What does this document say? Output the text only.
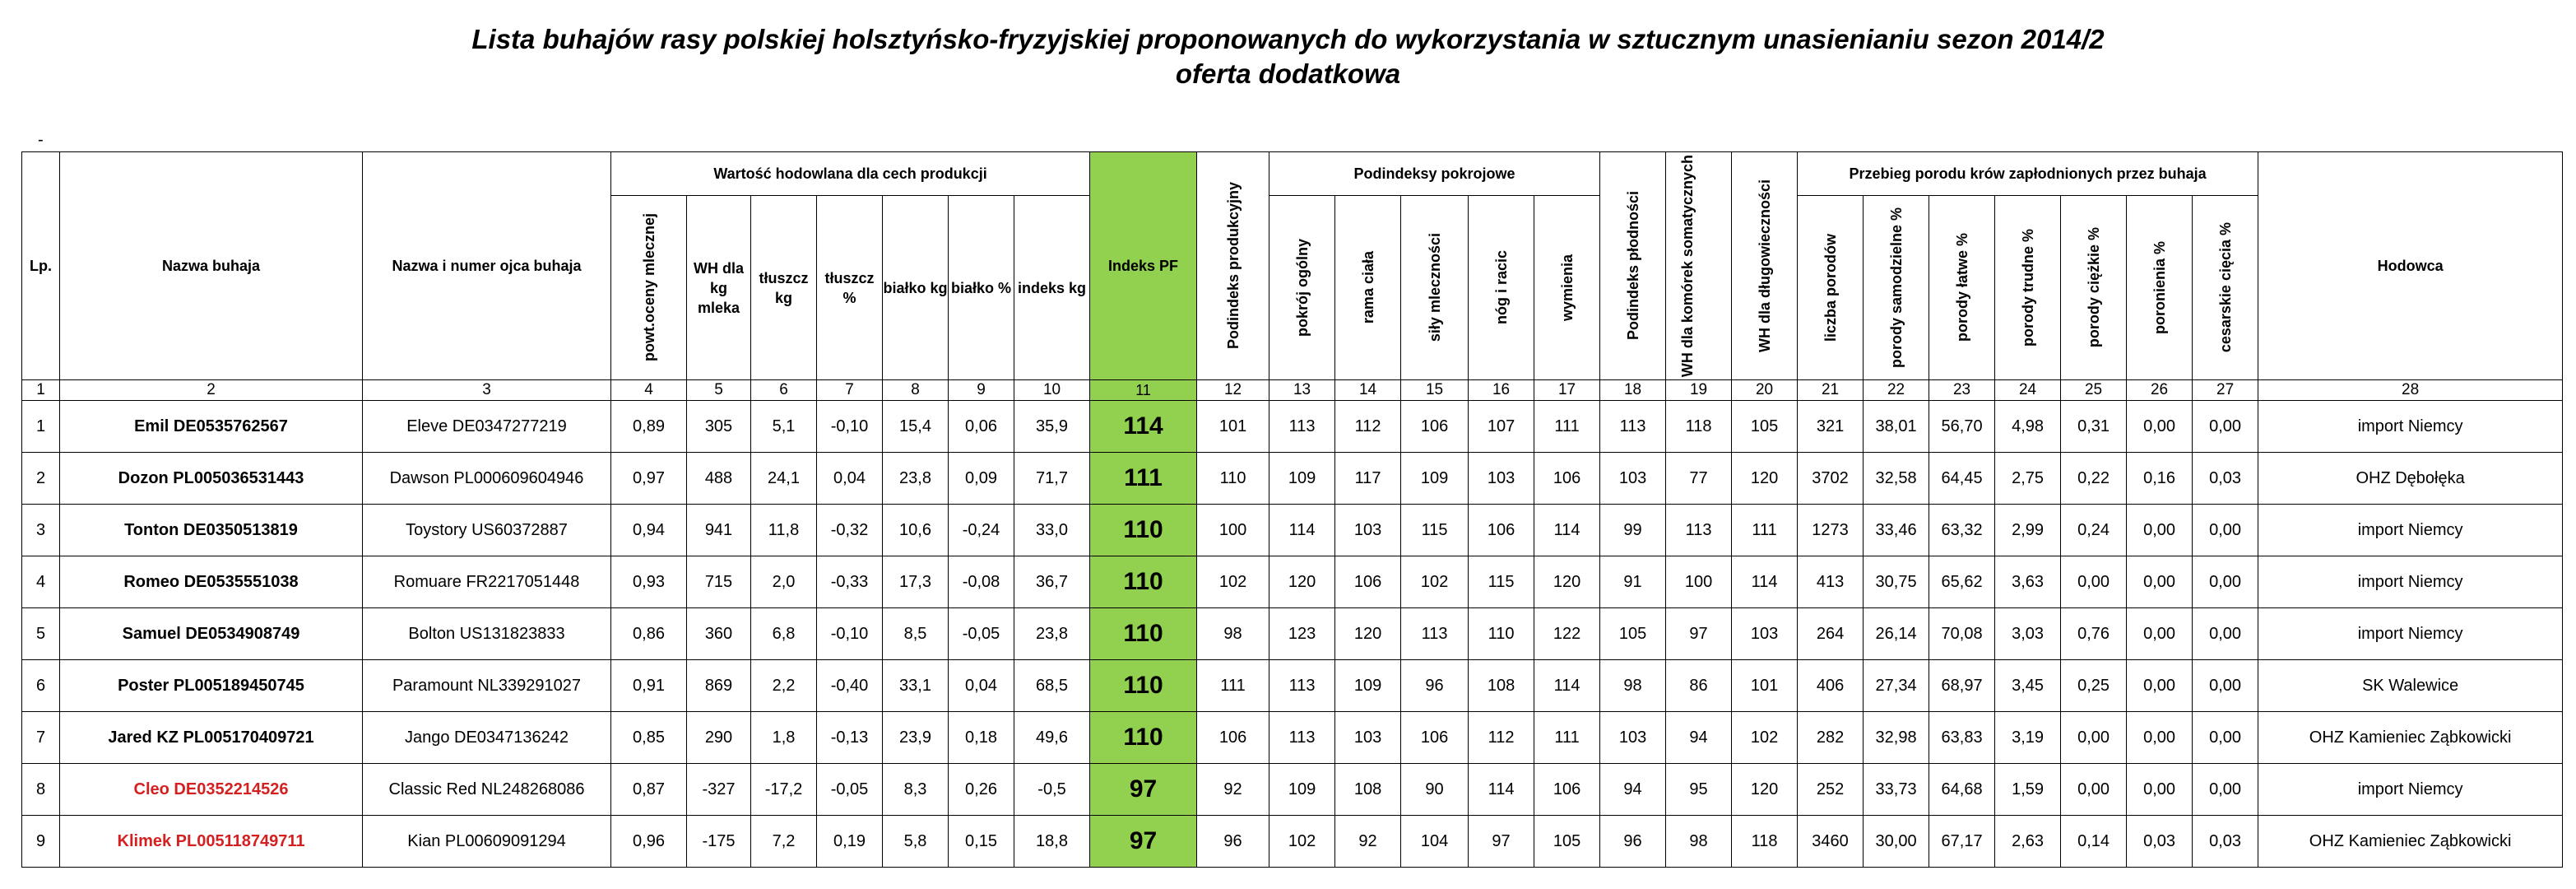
Lista buhajów rasy polskiej holsztyńsko-fryzyjskiej proponowanych do wykorzystania w sztucznym unasienianiu sezon 2014/2
oferta dodatkowa
-
Lp.	Nazwa buhaja	Nazwa i numer ojca buhaja	Wartość hodowlana dla cech produkcji							Indeks PF	Podindeks produkcyjny	Podindeksy pokrojowe					Podindeks płodności	WH dla komórek somatycznych	WH dla długowieczności	Przebieg porodu krów zapłodnionych przez buhaja							Hodowca

			powt.oceny mlecznej	WH dla kg mleka	tłuszcz kg	tłuszcz %	białko kg	białko %	indeks kg			pokrój ogólny	rama ciała	siły mleczności	nóg i racic	wymienia				liczba porodów	porody samodzielne %	porody łatwe %	porody trudne %	porody ciężkie %	poronienia %	cesarskie cięcia %	

1	2	3	4	5	6	7	8	9	10	11	12	13	14	15	16	17	18	19	20	21	22	23	24	25	26	27	28
1	Emil DE0535762567	Eleve DE0347277219	0,89	305	5,1	-0,10	15,4	0,06	35,9	114	101	113	112	106	107	111	113	118	105	321	38,01	56,70	4,98	0,31	0,00	0,00	import Niemcy
2	Dozon PL005036531443	Dawson PL000609604946	0,97	488	24,1	0,04	23,8	0,09	71,7	111	110	109	117	109	103	106	103	77	120	3702	32,58	64,45	2,75	0,22	0,16	0,03	OHZ Dębołęka
3	Tonton DE0350513819	Toystory US60372887	0,94	941	11,8	-0,32	10,6	-0,24	33,0	110	100	114	103	115	106	114	99	113	111	1273	33,46	63,32	2,99	0,24	0,00	0,00	import Niemcy
4	Romeo DE0535551038	Romuare FR2217051448	0,93	715	2,0	-0,33	17,3	-0,08	36,7	110	102	120	106	102	115	120	91	100	114	413	30,75	65,62	3,63	0,00	0,00	0,00	import Niemcy
5	Samuel DE0534908749	Bolton US131823833	0,86	360	6,8	-0,10	8,5	-0,05	23,8	110	98	123	120	113	110	122	105	97	103	264	26,14	70,08	3,03	0,76	0,00	0,00	import Niemcy
6	Poster PL005189450745	Paramount NL339291027	0,91	869	2,2	-0,40	33,1	0,04	68,5	110	111	113	109	96	108	114	98	86	101	406	27,34	68,97	3,45	0,25	0,00	0,00	SK Walewice
7	Jared KZ PL005170409721	Jango DE0347136242	0,85	290	1,8	-0,13	23,9	0,18	49,6	110	106	113	103	106	112	111	103	94	102	282	32,98	63,83	3,19	0,00	0,00	0,00	OHZ Kamieniec Ząbkowicki
8	Cleo DE0352214526	Classic Red NL248268086	0,87	-327	-17,2	-0,05	8,3	0,26	-0,5	97	92	109	108	90	114	106	94	95	120	252	33,73	64,68	1,59	0,00	0,00	0,00	import Niemcy
9	Klimek PL005118749711	Kian PL00609091294	0,96	-175	7,2	0,19	5,8	0,15	18,8	97	96	102	92	104	97	105	96	98	118	3460	30,00	67,17	2,63	0,14	0,03	0,03	OHZ Kamieniec Ząbkowicki
